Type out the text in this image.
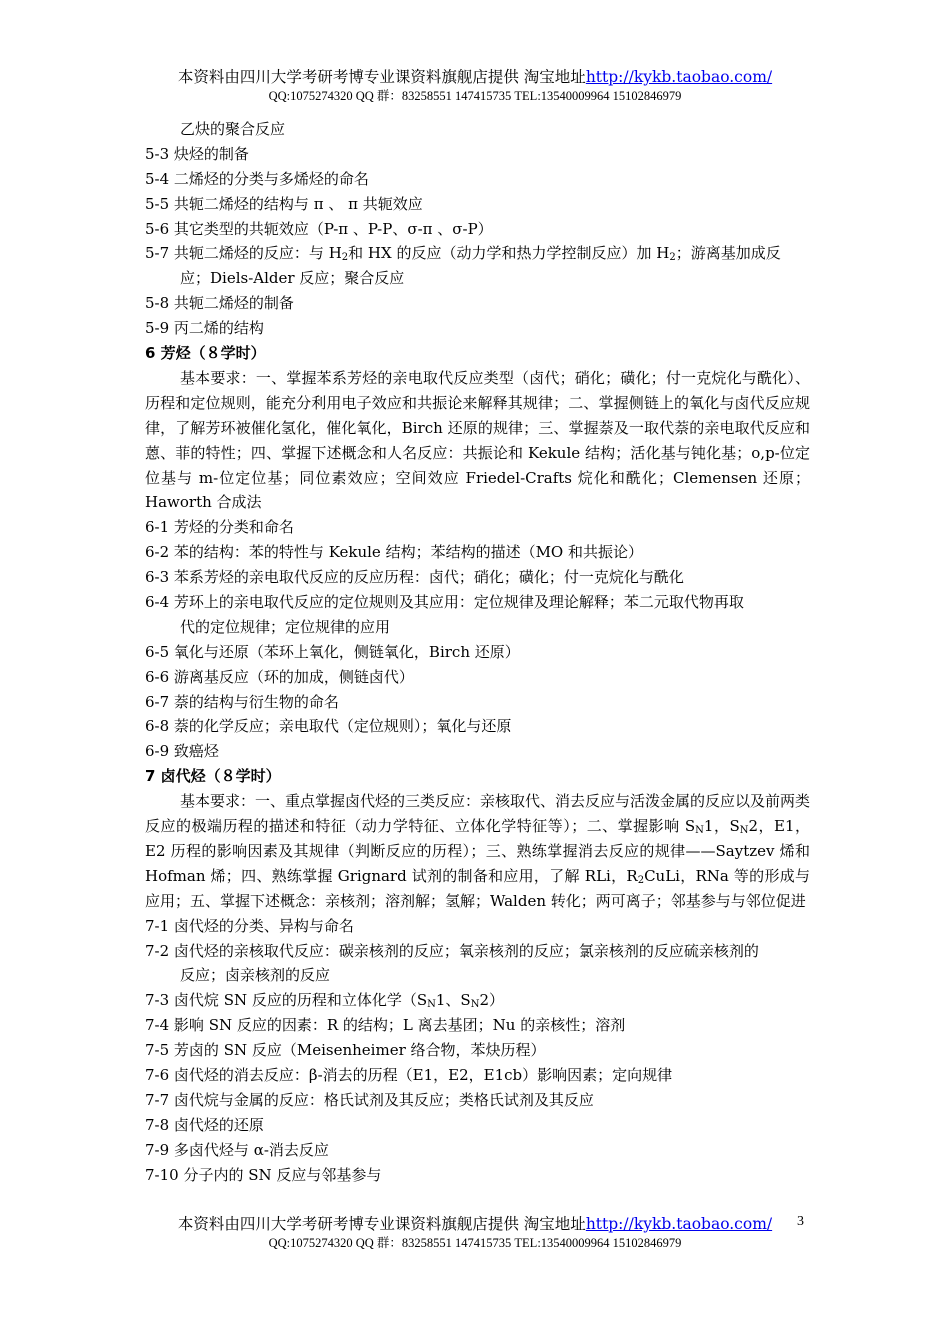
本资料由四川大学考研考博专业课资料旗舰店提供 淘宝地址http://kykb.taobao.com/
QQ:1075274320 QQ 群：83258551 147415735 TEL:13540009964 15102846979
乙炔的聚合反应
5-3 炔烃的制备
5-4 二烯烃的分类与多烯烃的命名
5-5 共轭二烯烃的结构与 π 、 π 共轭效应
5-6 其它类型的共轭效应（P-π 、P-P、σ-π 、σ-P）
5-7 共轭二烯烃的反应：与 $H_2$和 HX 的反应（动力学和热力学控制反应）加 $H_2$；游离基加成反
应；Diels-Alder 反应；聚合反应
5-8 共轭二烯烃的制备
5-9 丙二烯的结构
6 芳烃（８学时）
基本要求：一、掌握苯系芳烃的亲电取代反应类型（卤代；硝化；磺化；付一克烷化与酰化）、历程和定位规则，能充分利用电子效应和共振论来解释其规律；二、掌握侧链上的氧化与卤代反应规律，了解芳环被催化氢化，催化氧化，Birch 还原的规律；三、掌握萘及一取代萘的亲电取代反应和蒽、菲的特性；四、掌握下述概念和人名反应：共振论和 Kekule 结构；活化基与钝化基；o,p-位定位基与 m-位定位基；同位素效应；空间效应 Friedel-Crafts 烷化和酰化；Clemensen 还原；Haworth 合成法
6-1 芳烃的分类和命名
6-2 苯的结构：苯的特性与 Kekule 结构；苯结构的描述（MO 和共振论）
6-3 苯系芳烃的亲电取代反应的反应历程：卤代；硝化；磺化；付一克烷化与酰化
6-4 芳环上的亲电取代反应的定位规则及其应用：定位规律及理论解释；苯二元取代物再取
代的定位规律；定位规律的应用
6-5 氧化与还原（苯环上氧化，侧链氧化，Birch 还原）
6-6 游离基反应（环的加成，侧链卤代）
6-7 萘的结构与衍生物的命名
6-8 萘的化学反应；亲电取代（定位规则）；氧化与还原
6-9 致癌烃
7 卤代烃（８学时）
基本要求：一、重点掌握卤代烃的三类反应：亲核取代、消去反应与活泼金属的反应以及前两类反应的极端历程的描述和特征（动力学特征、立体化学特征等）；二、掌握影响 $S_N1$，$S_N2$，E1，E2 历程的影响因素及其规律（判断反应的历程）；三、熟练掌握消去反应的规律——Saytzev 烯和 Hofman 烯；四、熟练掌握 Grignard 试剂的制备和应用，了解 RLi，$R_2CuLi$，RNa 等的形成与应用；五、掌握下述概念：亲核剂；溶剂解；氢解；Walden 转化；两可离子；邻基参与与邻位促进
7-1 卤代烃的分类、异构与命名
7-2 卤代烃的亲核取代反应：碳亲核剂的反应；氧亲核剂的反应；氯亲核剂的反应硫亲核剂的
反应；卤亲核剂的反应
7-3 卤代烷 SN 反应的历程和立体化学（$S_N1$、$S_N2$）
7-4 影响 SN 反应的因素：R 的结构；L 离去基团；Nu 的亲核性；溶剂
7-5 芳卤的 SN 反应（Meisenheimer 络合物，苯炔历程）
7-6 卤代烃的消去反应：β-消去的历程（E1，E2，E1cb）影响因素；定向规律
7-7 卤代烷与金属的反应：格氏试剂及其反应；类格氏试剂及其反应
7-8 卤代烃的还原
7-9 多卤代烃与 α-消去反应
7-10 分子内的 SN 反应与邻基参与
本资料由四川大学考研考博专业课资料旗舰店提供 淘宝地址http://kykb.taobao.com/	3
QQ:1075274320 QQ 群：83258551 147415735 TEL:13540009964 15102846979
